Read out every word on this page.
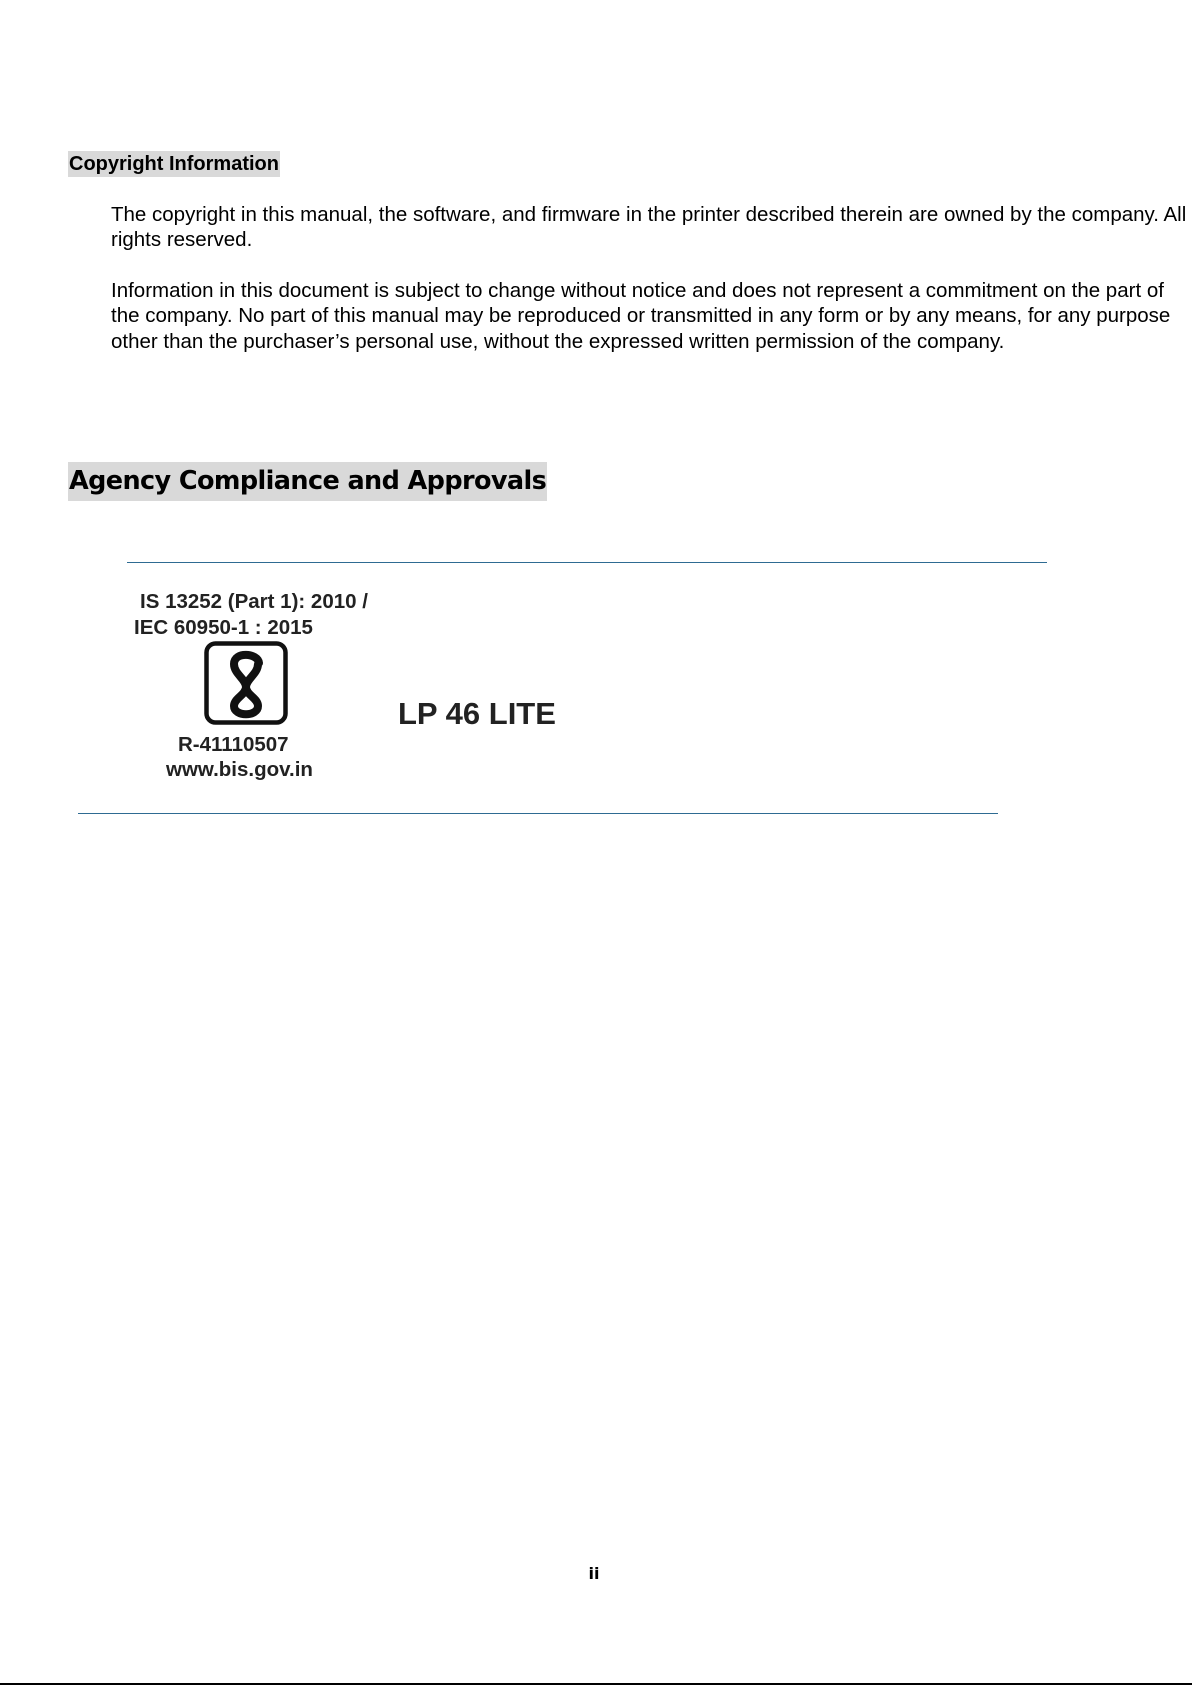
Copyright Information

The copyright in this manual, the software, and firmware in the printer described therein are owned by the company. All rights reserved.

Information in this document is subject to change without notice and does not represent a commitment on the part of the company. No part of this manual may be reproduced or transmitted in any form or by any means, for any purpose other than the purchaser’s personal use, without the expressed written permission of the company.

Agency Compliance and Approvals
IS 13252 (Part 1): 2010 /
IEC 60950-1 : 2015
R-41110507
www.bis.gov.in
LP 46 LITE
ii
